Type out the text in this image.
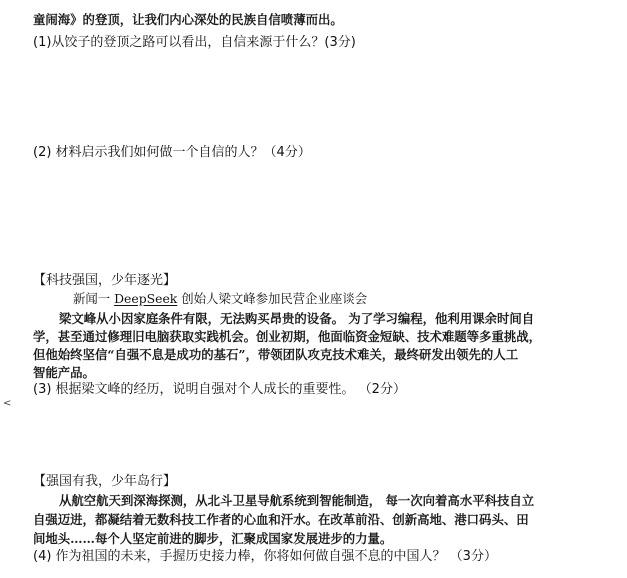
童闹海》的登顶，让我们内心深处的民族自信喷薄而出。
(1)从饺子的登顶之路可以看出，自信来源于什么？(3分)
(2) 材料启示我们如何做一个自信的人？（4分）
【科技强国，少年逐光】
新闻一 DeepSeek 创始人梁文峰参加民营企业座谈会
梁文峰从小因家庭条件有限，无法购买昂贵的设备。 为了学习编程，他利用课余时间自
学，甚至通过修理旧电脑获取实践机会。创业初期，他面临资金短缺、技术难题等多重挑战，
但他始终坚信“自强不息是成功的基石”，带领团队攻克技术难关，最终研发出领先的人工
智能产品。
(3) 根据梁文峰的经历，说明自强对个人成长的重要性。 （2分）
<
【强国有我，少年岛行】
从航空航天到深海探测，从北斗卫星导航系统到智能制造， 每一次向着高水平科技自立
自强迈进，都凝结着无数科技工作者的心血和汗水。在改革前沿、创新高地、港口码头、田
间地头……每个人坚定前进的脚步，汇聚成国家发展进步的力量。
(4) 作为祖国的未来，手握历史接力棒，你将如何做自强不息的中国人？ （3分）
